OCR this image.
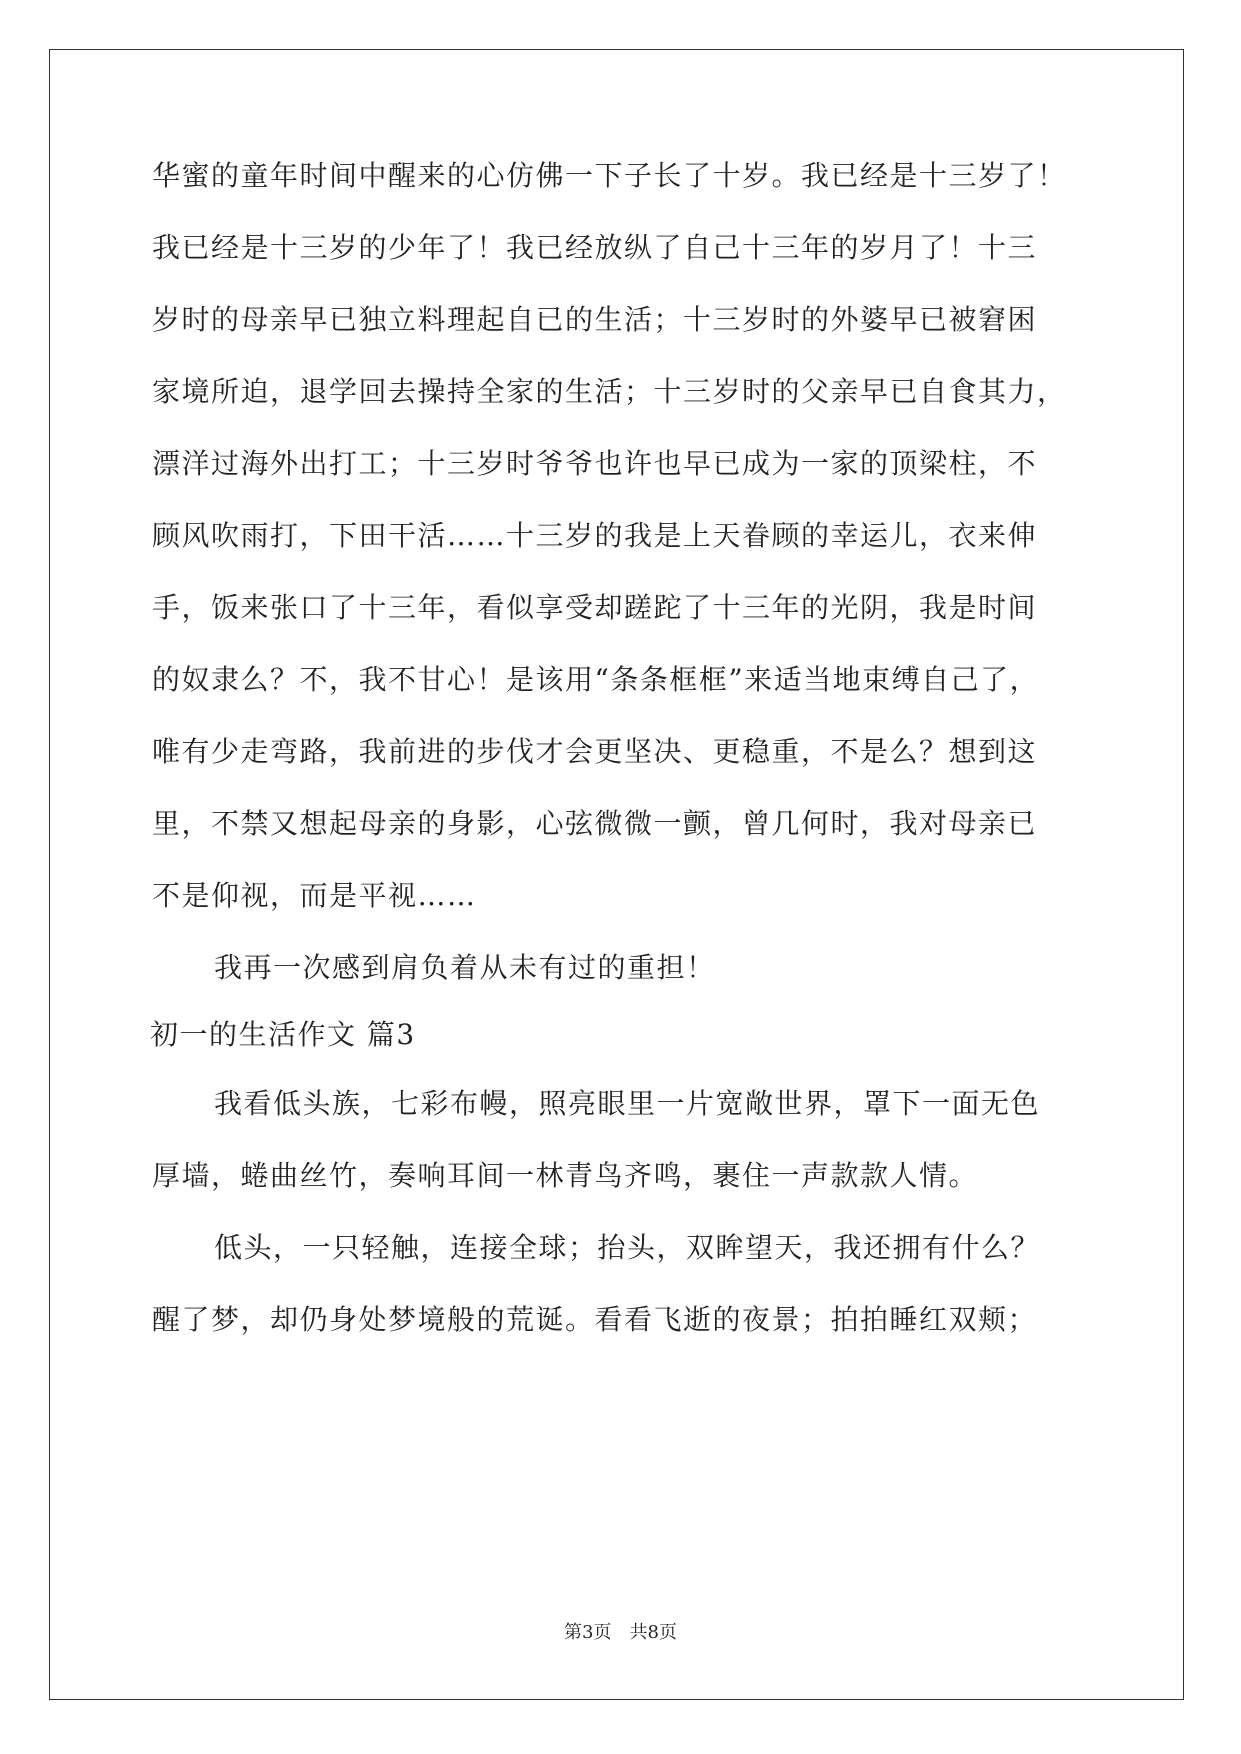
华蜜的童年时间中醒来的心仿佛一下子长了十岁。我已经是十三岁了！
我已经是十三岁的少年了！我已经放纵了自己十三年的岁月了！十三
岁时的母亲早已独立料理起自已的生活；十三岁时的外婆早已被窘困
家境所迫，退学回去操持全家的生活；十三岁时的父亲早已自食其力，
漂洋过海外出打工；十三岁时爷爷也许也早已成为一家的顶梁柱，不
顾风吹雨打，下田干活……十三岁的我是上天眷顾的幸运儿，衣来伸
手，饭来张口了十三年，看似享受却蹉跎了十三年的光阴，我是时间
的奴隶么？不，我不甘心！是该用“条条框框”来适当地束缚自己了，
唯有少走弯路，我前进的步伐才会更坚决、更稳重，不是么？想到这
里，不禁又想起母亲的身影，心弦微微一颤，曾几何时，我对母亲已
不是仰视，而是平视……
我再一次感到肩负着从未有过的重担！
初一的生活作文 篇3
我看低头族，七彩布幔，照亮眼里一片宽敞世界，罩下一面无色
厚墙，蜷曲丝竹，奏响耳间一林青鸟齐鸣，裹住一声款款人情。
低头，一只轻触，连接全球；抬头，双眸望天，我还拥有什么？
醒了梦，却仍身处梦境般的荒诞。看看飞逝的夜景；拍拍睡红双颊；
第3页　共8页
